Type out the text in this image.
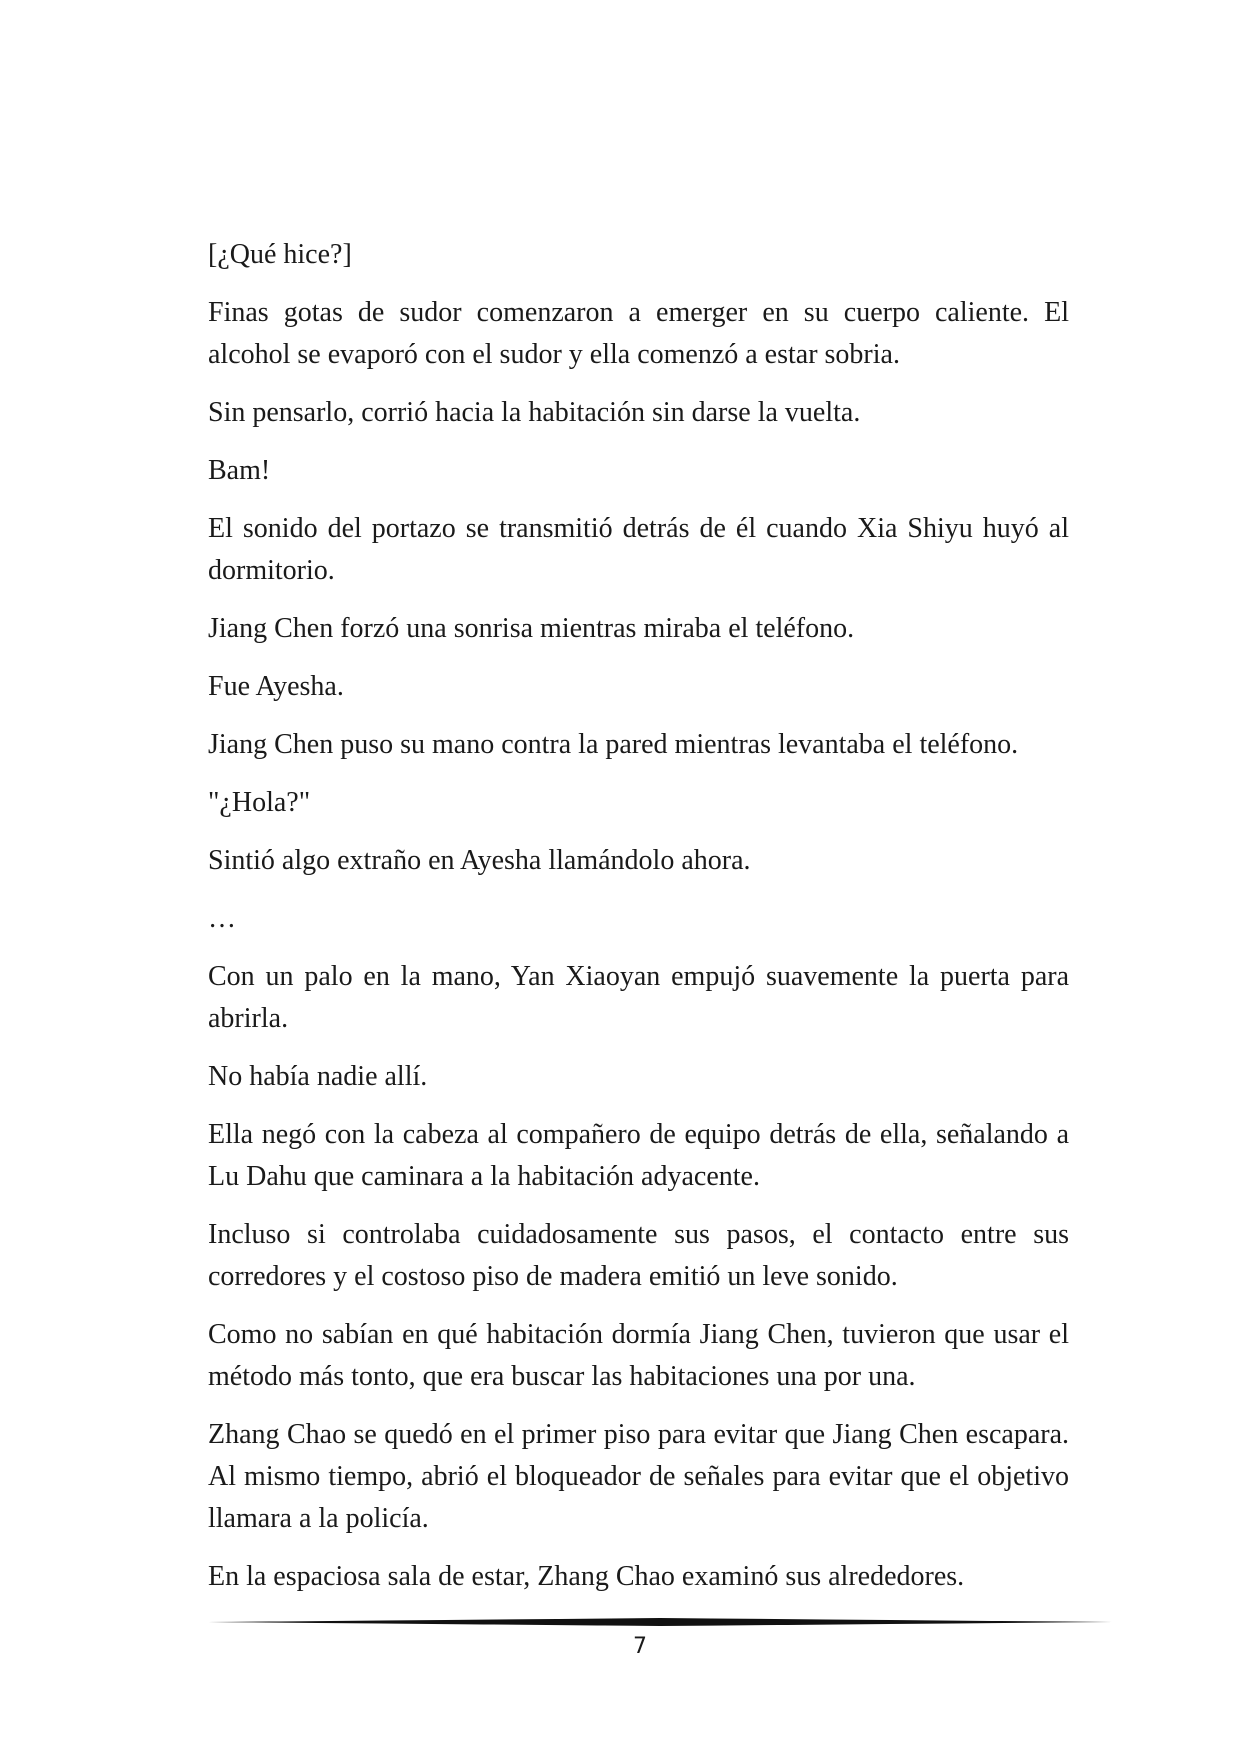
[¿Qué hice?]

Finas gotas de sudor comenzaron a emerger en su cuerpo caliente. El alcohol se evaporó con el sudor y ella comenzó a estar sobria.

Sin pensarlo, corrió hacia la habitación sin darse la vuelta.

Bam!

El sonido del portazo se transmitió detrás de él cuando Xia Shiyu huyó al dormitorio.

Jiang Chen forzó una sonrisa mientras miraba el teléfono.

Fue Ayesha.

Jiang Chen puso su mano contra la pared mientras levantaba el teléfono.

"¿Hola?"

Sintió algo extraño en Ayesha llamándolo ahora.

…

Con un palo en la mano, Yan Xiaoyan empujó suavemente la puerta para abrirla.

No había nadie allí.

Ella negó con la cabeza al compañero de equipo detrás de ella, señalando a Lu Dahu que caminara a la habitación adyacente.

Incluso si controlaba cuidadosamente sus pasos, el contacto entre sus corredores y el costoso piso de madera emitió un leve sonido.

Como no sabían en qué habitación dormía Jiang Chen, tuvieron que usar el método más tonto, que era buscar las habitaciones una por una.

Zhang Chao se quedó en el primer piso para evitar que Jiang Chen escapara. Al mismo tiempo, abrió el bloqueador de señales para evitar que el objetivo llamara a la policía.

En la espaciosa sala de estar, Zhang Chao examinó sus alrededores.

7
